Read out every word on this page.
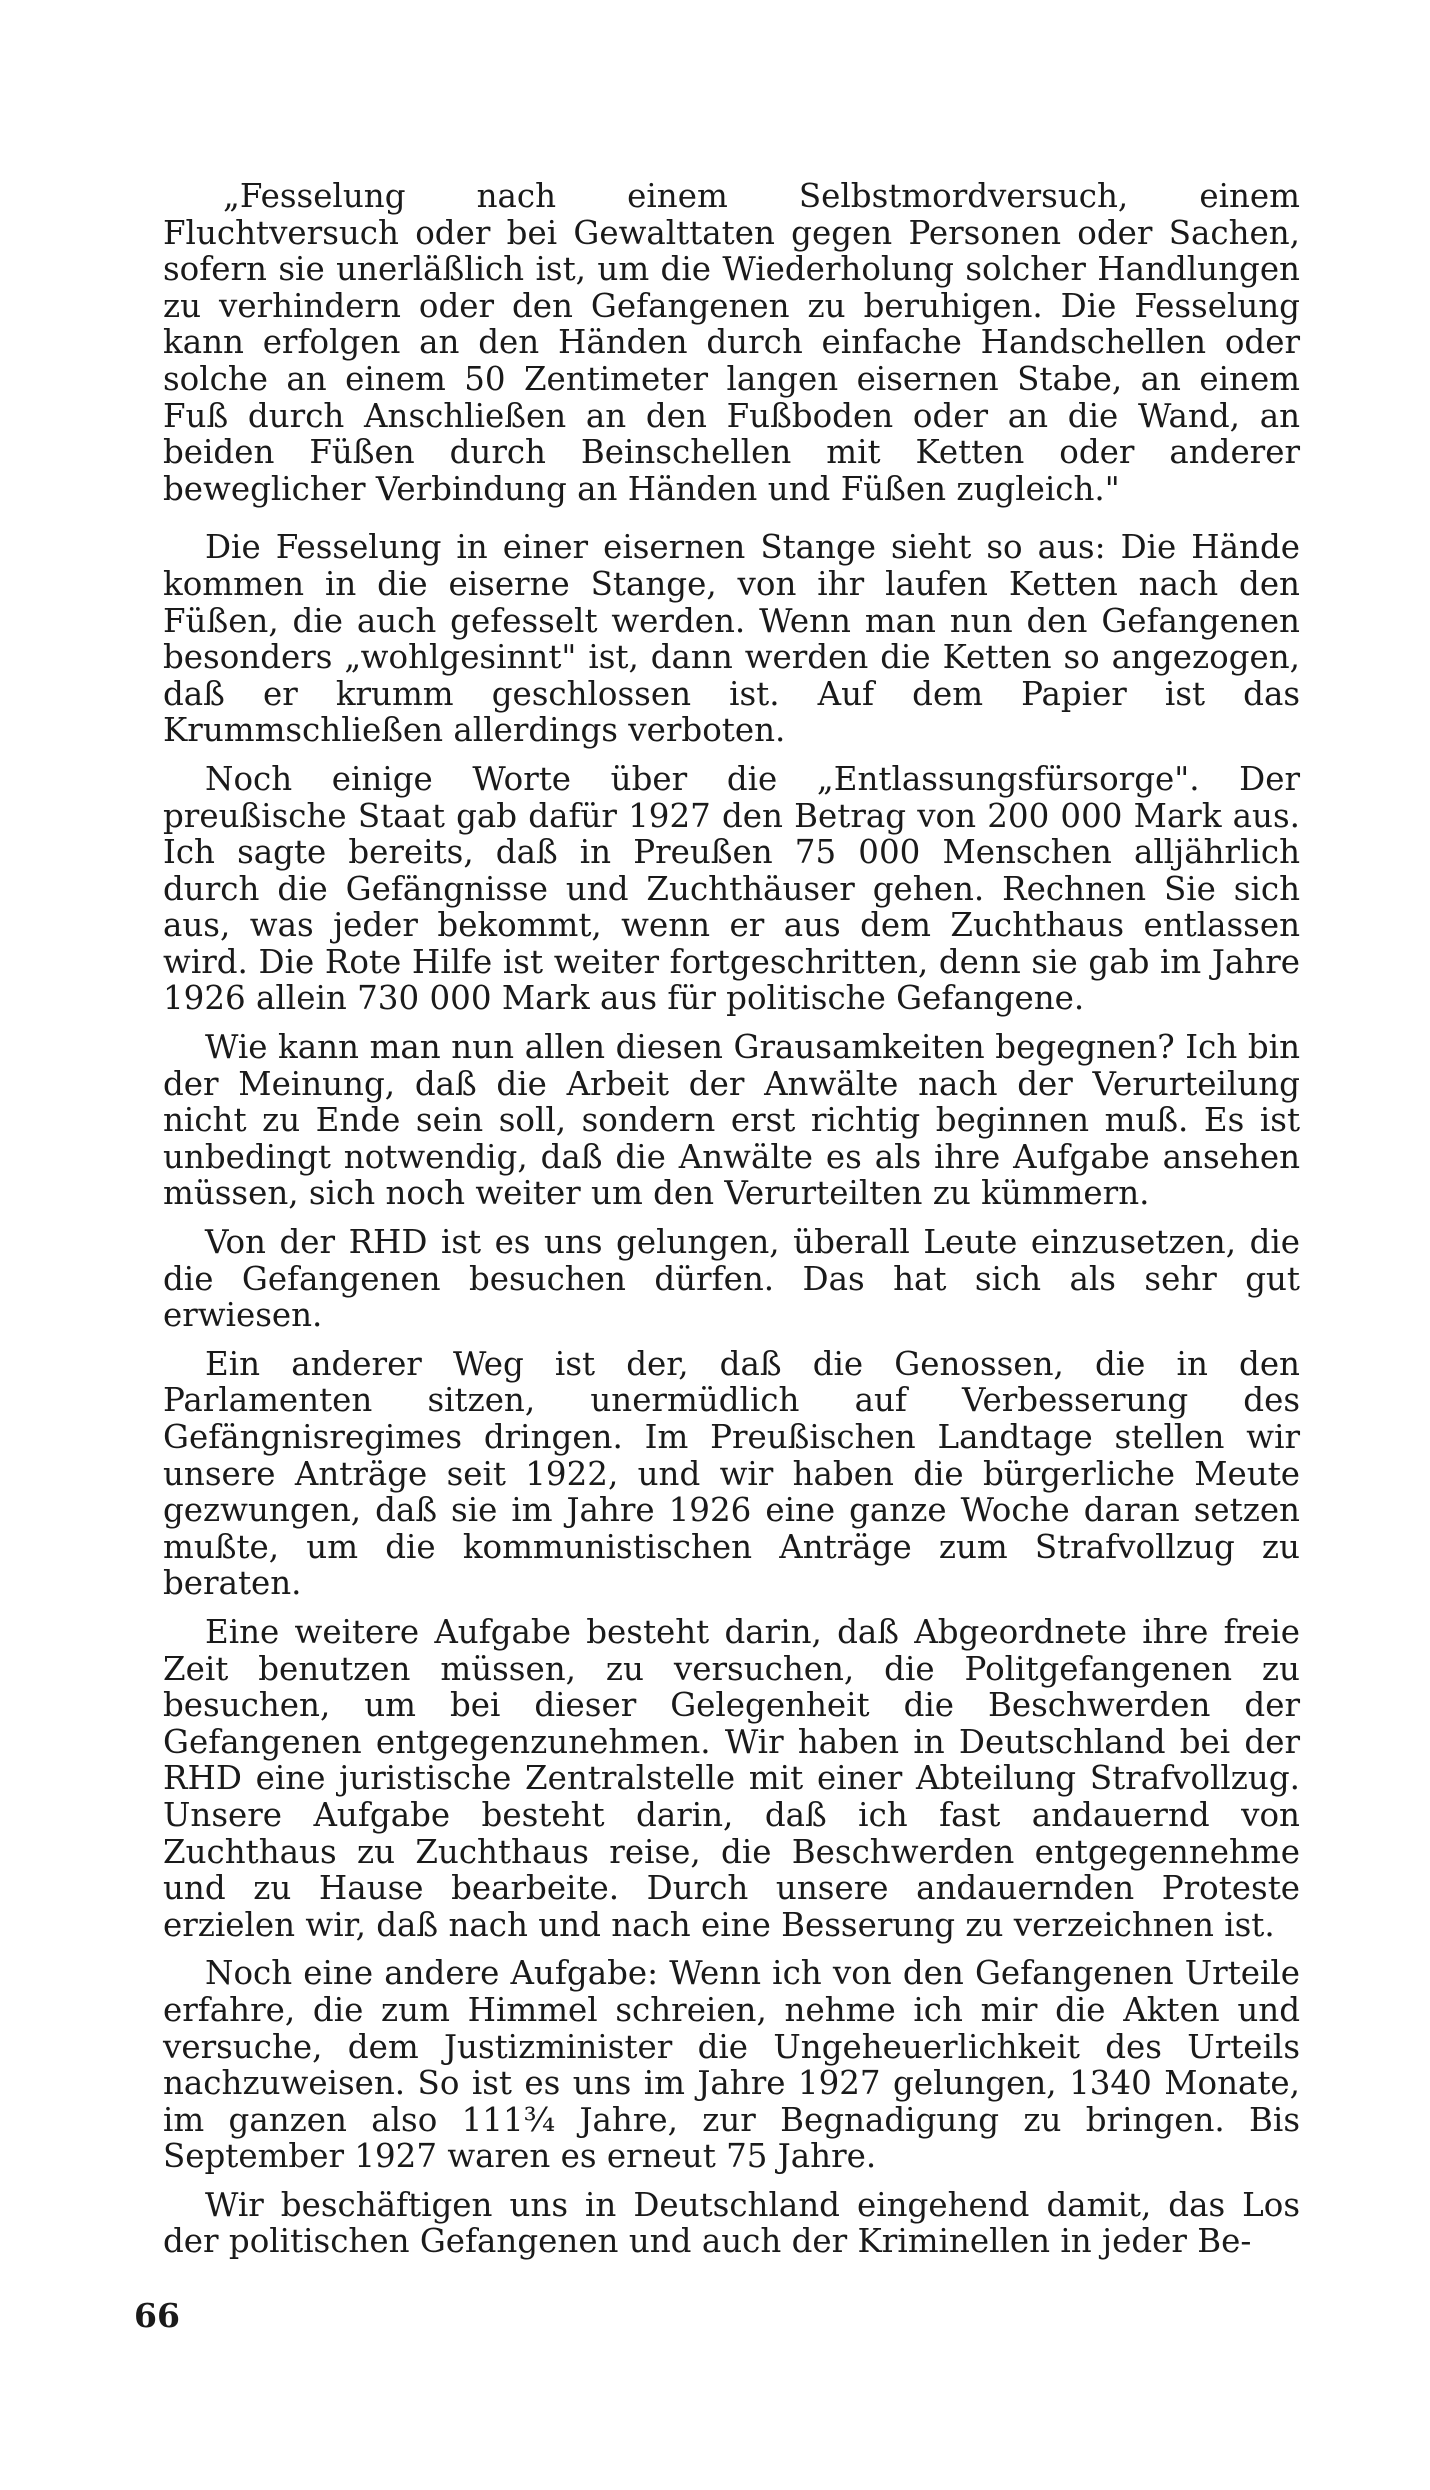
„Fesselung nach einem Selbstmordversuch, einem Fluchtversuch oder bei Gewalttaten gegen Personen oder Sachen, sofern sie unerläßlich ist, um die Wiederholung solcher Handlungen zu verhindern oder den Gefangenen zu beruhigen. Die Fesselung kann erfolgen an den Händen durch einfache Handschellen oder solche an einem 50 Zentimeter langen eisernen Stabe, an einem Fuß durch Anschließen an den Fußboden oder an die Wand, an beiden Füßen durch Beinschellen mit Ketten oder anderer beweglicher Verbindung an Händen und Füßen zugleich."

Die Fesselung in einer eisernen Stange sieht so aus: Die Hände kommen in die eiserne Stange, von ihr laufen Ketten nach den Füßen, die auch gefesselt werden. Wenn man nun den Gefangenen besonders „wohlgesinnt" ist, dann werden die Ketten so angezogen, daß er krumm geschlossen ist. Auf dem Papier ist das Krummschließen allerdings verboten.

Noch einige Worte über die „Entlassungsfürsorge". Der preußische Staat gab dafür 1927 den Betrag von 200 000 Mark aus. Ich sagte bereits, daß in Preußen 75 000 Menschen alljährlich durch die Gefängnisse und Zuchthäuser gehen. Rechnen Sie sich aus, was jeder bekommt, wenn er aus dem Zuchthaus entlassen wird. Die Rote Hilfe ist weiter fortgeschritten, denn sie gab im Jahre 1926 allein 730 000 Mark aus für politische Gefangene.

Wie kann man nun allen diesen Grausamkeiten begegnen? Ich bin der Meinung, daß die Arbeit der Anwälte nach der Verurteilung nicht zu Ende sein soll, sondern erst richtig beginnen muß. Es ist unbedingt notwendig, daß die Anwälte es als ihre Aufgabe ansehen müssen, sich noch weiter um den Verurteilten zu kümmern.

Von der RHD ist es uns gelungen, überall Leute einzusetzen, die die Gefangenen besuchen dürfen. Das hat sich als sehr gut erwiesen.

Ein anderer Weg ist der, daß die Genossen, die in den Parlamenten sitzen, unermüdlich auf Verbesserung des Gefängnisregimes dringen. Im Preußischen Landtage stellen wir unsere Anträge seit 1922, und wir haben die bürgerliche Meute gezwungen, daß sie im Jahre 1926 eine ganze Woche daran setzen mußte, um die kommunistischen Anträge zum Strafvollzug zu beraten.

Eine weitere Aufgabe besteht darin, daß Abgeordnete ihre freie Zeit benutzen müssen, zu versuchen, die Politgefangenen zu besuchen, um bei dieser Gelegenheit die Beschwerden der Gefangenen entgegenzunehmen. Wir haben in Deutschland bei der RHD eine juristische Zentralstelle mit einer Abteilung Strafvollzug. Unsere Aufgabe besteht darin, daß ich fast andauernd von Zuchthaus zu Zuchthaus reise, die Beschwerden entgegennehme und zu Hause bearbeite. Durch unsere andauernden Proteste erzielen wir, daß nach und nach eine Besserung zu verzeichnen ist.

Noch eine andere Aufgabe: Wenn ich von den Gefangenen Urteile erfahre, die zum Himmel schreien, nehme ich mir die Akten und versuche, dem Justizminister die Ungeheuerlichkeit des Urteils nachzuweisen. So ist es uns im Jahre 1927 gelungen, 1340 Monate, im ganzen also 111¾ Jahre, zur Begnadigung zu bringen. Bis September 1927 waren es erneut 75 Jahre.

Wir beschäftigen uns in Deutschland eingehend damit, das Los der politischen Gefangenen und auch der Kriminellen in jeder Be-

66
